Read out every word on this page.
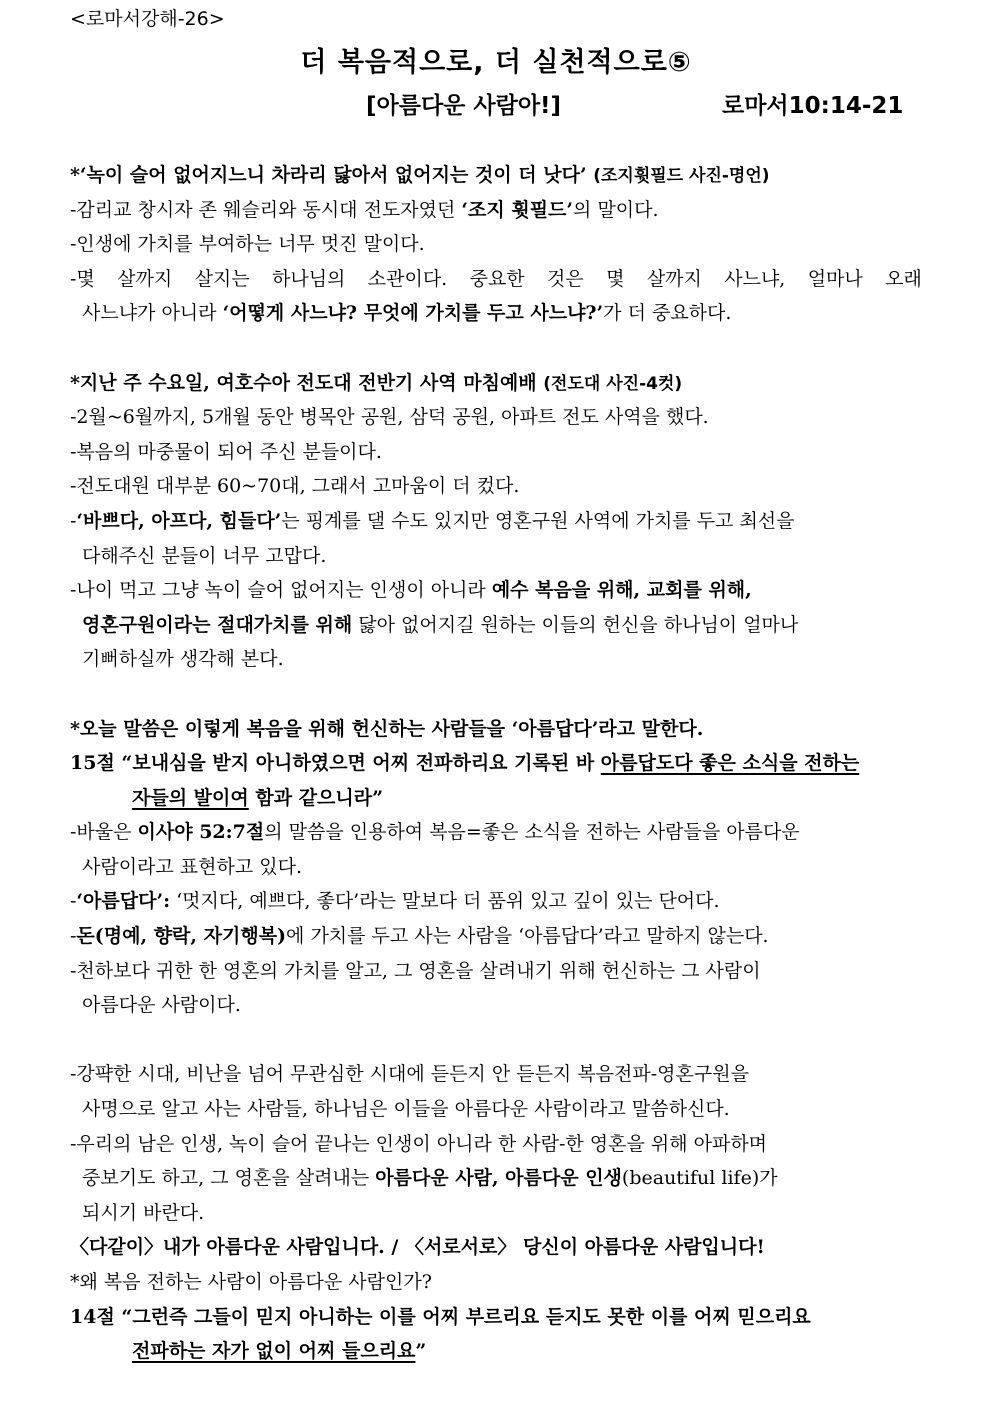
<로마서강해-26>
더 복음적으로, 더 실천적으로⑤
[아름다운 사람아!]	로마서10:14-21
*‘녹이 슬어 없어지느니 차라리 닳아서 없어지는 것이 더 낫다’ (조지휫필드 사진-명언)
-감리교 창시자 존 웨슬리와 동시대 전도자였던 ‘조지 휫필드’의 말이다.
-인생에 가치를 부여하는 너무 멋진 말이다.
-몇 살까지 살지는 하나님의 소관이다. 중요한 것은 몇 살까지 사느냐, 얼마나 오래
사느냐가 아니라 ‘어떻게 사느냐? 무엇에 가치를 두고 사느냐?’가 더 중요하다.
*지난 주 수요일, 여호수아 전도대 전반기 사역 마침예배 (전도대 사진-4컷)
-2월~6월까지, 5개월 동안 병목안 공원, 삼덕 공원, 아파트 전도 사역을 했다.
-복음의 마중물이 되어 주신 분들이다.
-전도대원 대부분 60~70대, 그래서 고마움이 더 컸다.
-‘바쁘다, 아프다, 힘들다’는 핑계를 댈 수도 있지만 영혼구원 사역에 가치를 두고 최선을
다해주신 분들이 너무 고맙다.
-나이 먹고 그냥 녹이 슬어 없어지는 인생이 아니라 예수 복음을 위해, 교회를 위해,
영혼구원이라는 절대가치를 위해 닳아 없어지길 원하는 이들의 헌신을 하나님이 얼마나
기뻐하실까 생각해 본다.
*오늘 말씀은 이렇게 복음을 위해 헌신하는 사람들을 ‘아름답다’라고 말한다.
15절 “보내심을 받지 아니하였으면 어찌 전파하리요 기록된 바 아름답도다 좋은 소식을 전하는
자들의 발이여 함과 같으니라”
-바울은 이사야 52:7절의 말씀을 인용하여 복음=좋은 소식을 전하는 사람들을 아름다운
사람이라고 표현하고 있다.
-‘아름답다’: ‘멋지다, 예쁘다, 좋다’라는 말보다 더 품위 있고 깊이 있는 단어다.
-돈(명예, 향락, 자기행복)에 가치를 두고 사는 사람을 ‘아름답다’라고 말하지 않는다.
-천하보다 귀한 한 영혼의 가치를 알고, 그 영혼을 살려내기 위해 헌신하는 그 사람이
아름다운 사람이다.
-강퍅한 시대, 비난을 넘어 무관심한 시대에 듣든지 안 듣든지 복음전파-영혼구원을
사명으로 알고 사는 사람들, 하나님은 이들을 아름다운 사람이라고 말씀하신다.
-우리의 남은 인생, 녹이 슬어 끝나는 인생이 아니라 한 사람-한 영혼을 위해 아파하며
중보기도 하고, 그 영혼을 살려내는 아름다운 사람, 아름다운 인생(beautiful life)가
되시기 바란다.
〈다같이〉내가 아름다운 사람입니다. / 〈서로서로〉 당신이 아름다운 사람입니다!
*왜 복음 전하는 사람이 아름다운 사람인가?
14절 “그런즉 그들이 믿지 아니하는 이를 어찌 부르리요 듣지도 못한 이를 어찌 믿으리요
전파하는 자가 없이 어찌 들으리요”
